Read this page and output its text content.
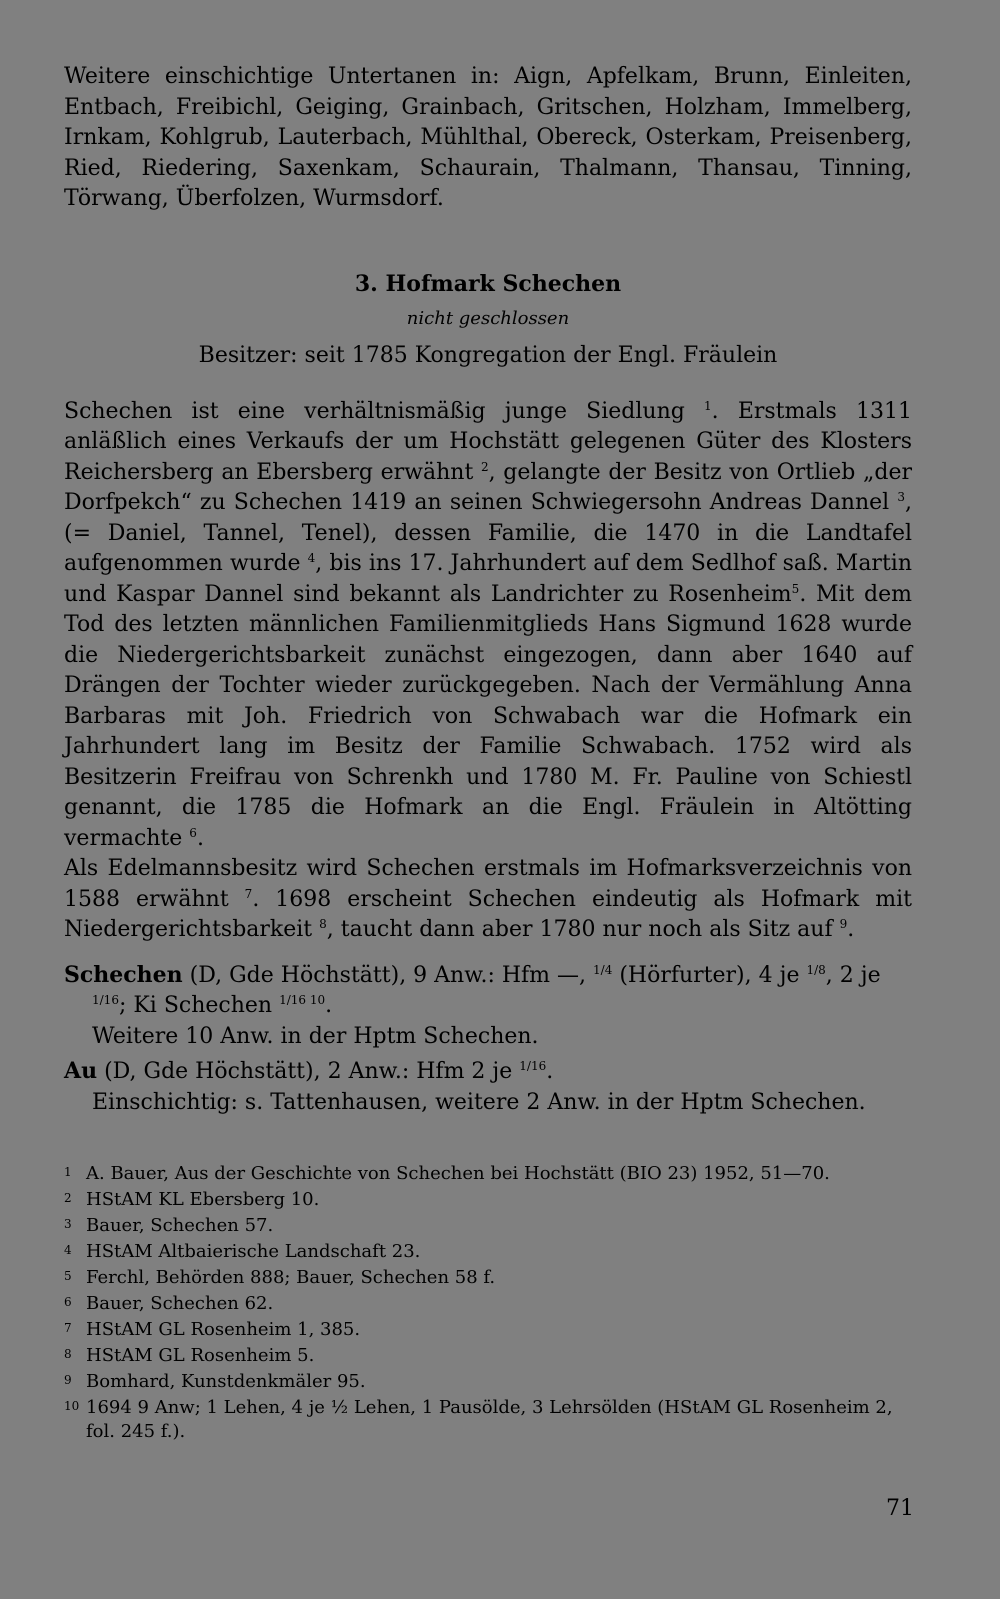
Weitere einschichtige Untertanen in: Aign, Apfelkam, Brunn, Einleiten, Entbach, Freibichl, Geiging, Grainbach, Gritschen, Holzham, Immelberg, Irnkam, Kohlgrub, Lauterbach, Mühlthal, Obereck, Osterkam, Preisenberg, Ried, Riedering, Saxenkam, Schaurain, Thalmann, Thansau, Tinning, Törwang, Überfolzen, Wurmsdorf.

3. Hofmark Schechen
nicht geschlossen
Besitzer: seit 1785 Kongregation der Engl. Fräulein

Schechen ist eine verhältnismäßig junge Siedlung $^1$. Erstmals 1311 anläßlich eines Verkaufs der um Hochstätt gelegenen Güter des Klosters Reichersberg an Ebersberg erwähnt $^2$, gelangte der Besitz von Ortlieb „der Dorfpekch“ zu Schechen 1419 an seinen Schwiegersohn Andreas Dannel $^3$, (= Daniel, Tannel, Tenel), dessen Familie, die 1470 in die Landtafel aufgenommen wurde $^4$, bis ins 17. Jahrhundert auf dem Sedlhof saß. Martin und Kaspar Dannel sind bekannt als Landrichter zu Rosenheim$^5$. Mit dem Tod des letzten männlichen Familienmitglieds Hans Sigmund 1628 wurde die Niedergerichtsbarkeit zunächst eingezogen, dann aber 1640 auf Drängen der Tochter wieder zurückgegeben. Nach der Vermählung Anna Barbaras mit Joh. Friedrich von Schwabach war die Hofmark ein Jahrhundert lang im Besitz der Familie Schwabach. 1752 wird als Besitzerin Freifrau von Schrenkh und 1780 M. Fr. Pauline von Schiestl genannt, die 1785 die Hofmark an die Engl. Fräulein in Altötting vermachte $^6$.

Als Edelmannsbesitz wird Schechen erstmals im Hofmarksverzeichnis von 1588 erwähnt $^7$. 1698 erscheint Schechen eindeutig als Hofmark mit Niedergerichtsbarkeit $^8$, taucht dann aber 1780 nur noch als Sitz auf $^9$.

Schechen (D, Gde Höchstätt), 9 Anw.: Hfm —, $^{1/4}$ (Hörfurter), 4 je $^{1/8}$, 2 je $^{1/16}$; Ki Schechen $^{1/16 10}$.
Weitere 10 Anw. in der Hptm Schechen.
Au (D, Gde Höchstätt), 2 Anw.: Hfm 2 je $^{1/16}$.
Einschichtig: s. Tattenhausen, weitere 2 Anw. in der Hptm Schechen.
1 A. Bauer, Aus der Geschichte von Schechen bei Hochstätt (BIO 23) 1952, 51—70.
2 HStAM KL Ebersberg 10.
3 Bauer, Schechen 57.
4 HStAM Altbaierische Landschaft 23.
5 Ferchl, Behörden 888; Bauer, Schechen 58 f.
6 Bauer, Schechen 62.
7 HStAM GL Rosenheim 1, 385.
8 HStAM GL Rosenheim 5.
9 Bomhard, Kunstdenkmäler 95.
10 1694 9 Anw; 1 Lehen, 4 je ½ Lehen, 1 Pausölde, 3 Lehrsölden (HStAM GL Rosenheim 2, fol. 245 f.).
71
